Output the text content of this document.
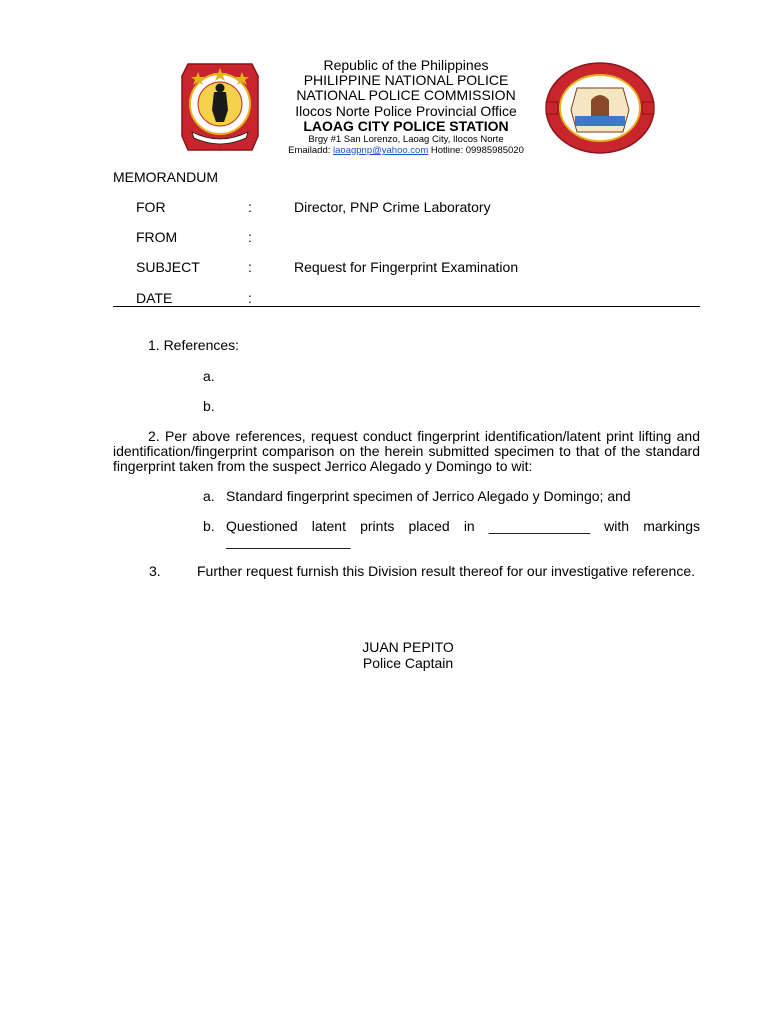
Republic of the Philippines
PHILIPPINE NATIONAL POLICE
NATIONAL POLICE COMMISSION
Ilocos Norte Police Provincial Office
LAOAG CITY POLICE STATION
Brgy #1 San Lorenzo, Laoag City, Ilocos Norte
Emailadd: laoagpnp@yahoo.com Hotline: 09985985020
MEMORANDUM
FOR	:	Director, PNP Crime Laboratory
FROM	:
SUBJECT	:	Request for Fingerprint Examination
DATE	:
1. References:
a.
b.
2. Per above references, request conduct fingerprint identification/latent print lifting and identification/fingerprint comparison on the herein submitted specimen to that of the standard fingerprint taken from the suspect Jerrico Alegado y Domingo to wit:
a. Standard fingerprint specimen of Jerrico Alegado y Domingo; and
b. Questioned latent prints placed in _____________ with markings ________________
3.	Further request furnish this Division result thereof for our investigative reference.
JUAN PEPITO
Police Captain
